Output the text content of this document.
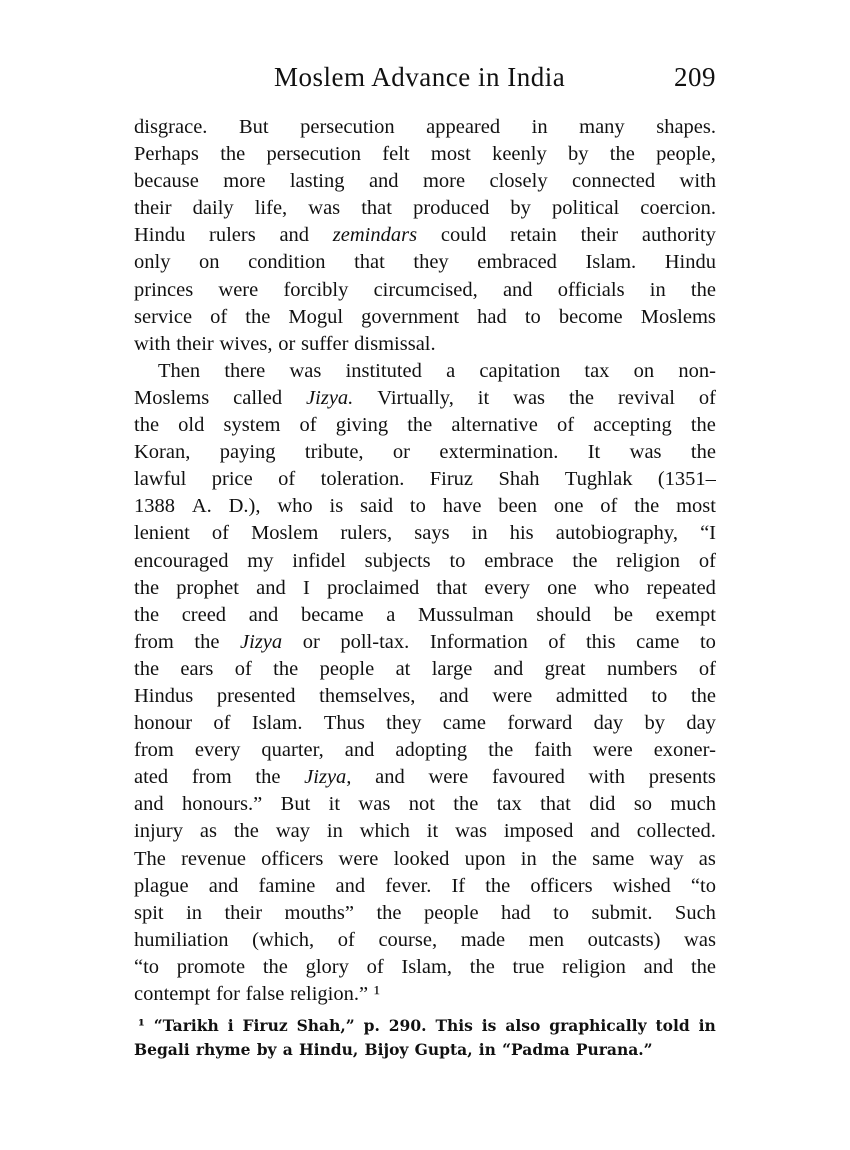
Moslem Advance in India	209
disgrace. But persecution appeared in many shapes.
Perhaps the persecution felt most keenly by the people,
because more lasting and more closely connected with
their daily life, was that produced by political coercion.
Hindu rulers and zemindars could retain their authority
only on condition that they embraced Islam. Hindu
princes were forcibly circumcised, and officials in the
service of the Mogul government had to become Moslems
with their wives, or suffer dismissal.
Then there was instituted a capitation tax on non-
Moslems called Jizya. Virtually, it was the revival of
the old system of giving the alternative of accepting the
Koran, paying tribute, or extermination. It was the
lawful price of toleration. Firuz Shah Tughlak (1351–
1388 A. D.), who is said to have been one of the most
lenient of Moslem rulers, says in his autobiography, “I
encouraged my infidel subjects to embrace the religion of
the prophet and I proclaimed that every one who repeated
the creed and became a Mussulman should be exempt
from the Jizya or poll-tax. Information of this came to
the ears of the people at large and great numbers of
Hindus presented themselves, and were admitted to the
honour of Islam. Thus they came forward day by day
from every quarter, and adopting the faith were exoner-
ated from the Jizya, and were favoured with presents
and honours.” But it was not the tax that did so much
injury as the way in which it was imposed and collected.
The revenue officers were looked upon in the same way as
plague and famine and fever. If the officers wished “to
spit in their mouths” the people had to submit. Such
humiliation (which, of course, made men outcasts) was
“to promote the glory of Islam, the true religion and the
contempt for false religion.” ¹
¹ “Tarikh i Firuz Shah,” p. 290. This is also graphically told in
Begali rhyme by a Hindu, Bijoy Gupta, in “Padma Purana.”
